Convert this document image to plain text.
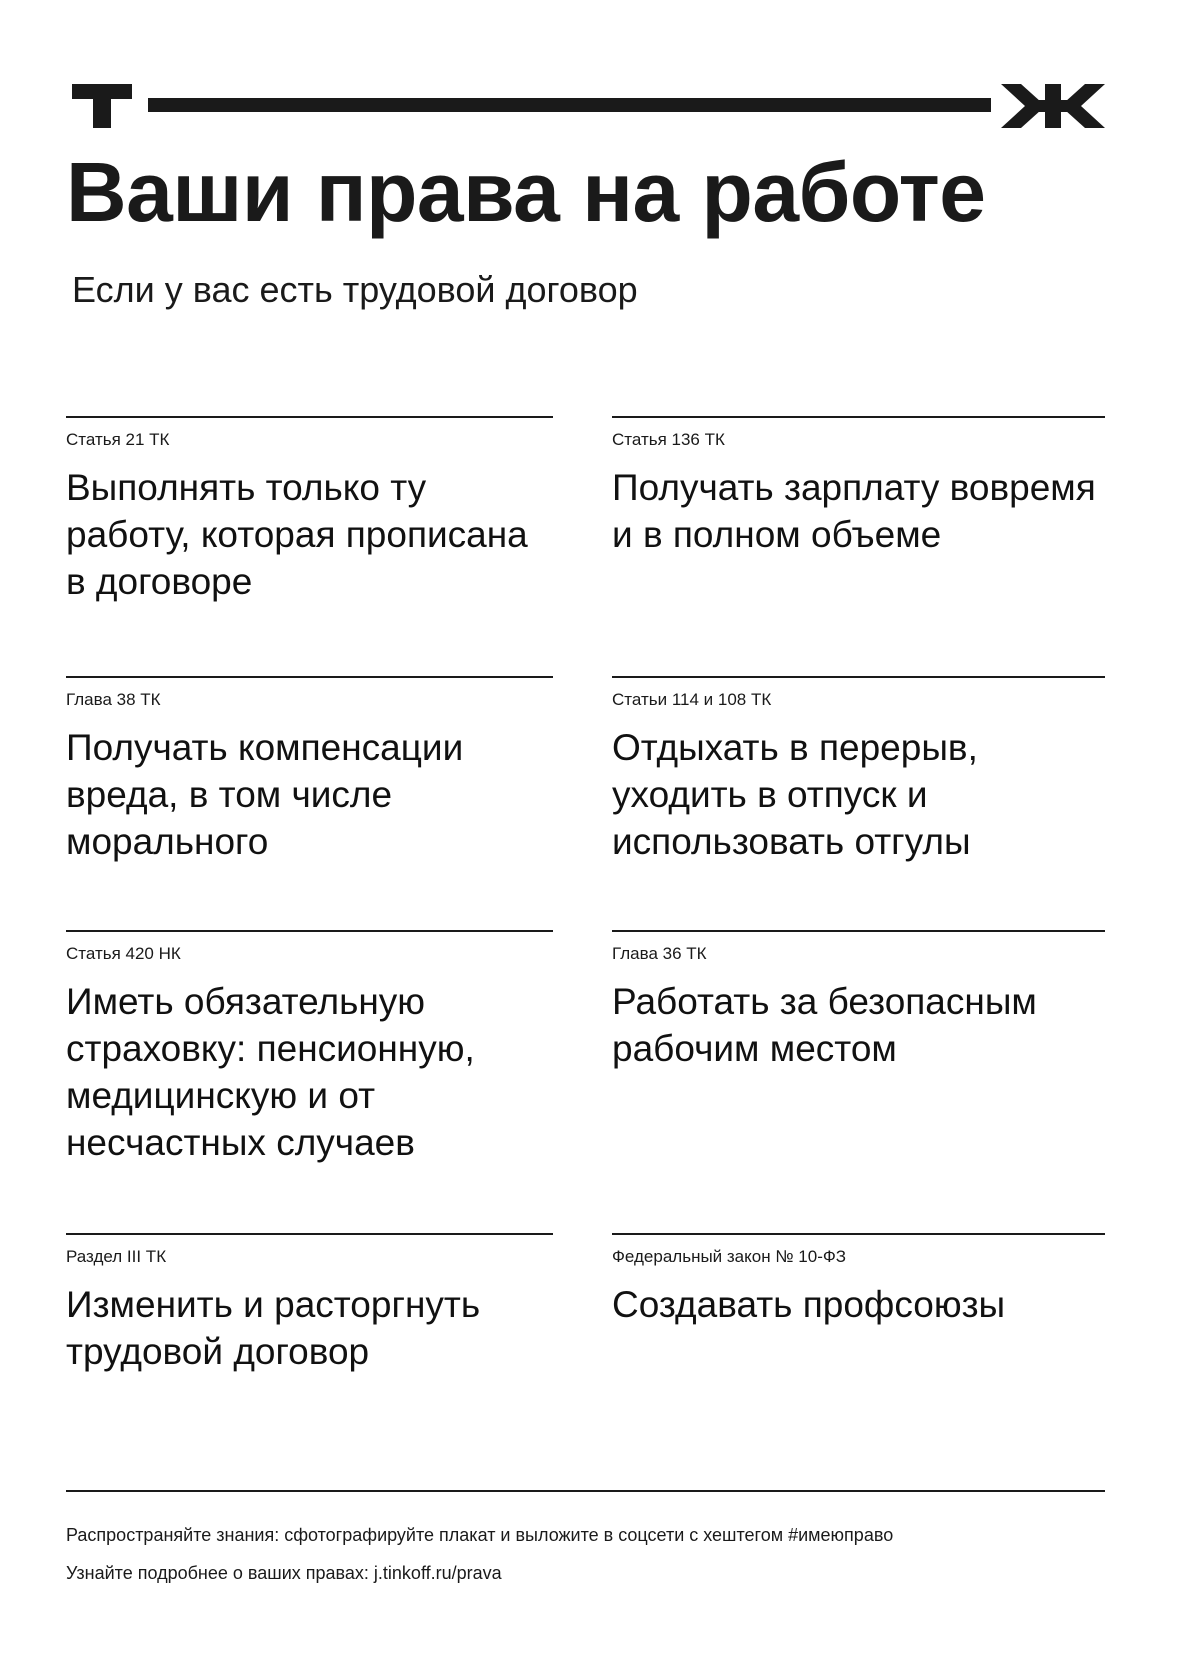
Ваши права на работе
Если у вас есть трудовой договор
Статья 21 ТК
Выполнять только ту работу, которая прописана в договоре
Статья 136 ТК
Получать зарплату вовремя и в полном объеме
Глава 38 ТК
Получать компенсации вреда, в том числе морального
Статьи 114 и 108 ТК
Отдыхать в перерыв, уходить в отпуск и использовать отгулы
Статья 420 НК
Иметь обязательную страховку: пенсионную, медицинскую и от несчастных случаев
Глава 36 ТК
Работать за безопасным рабочим местом
Раздел III ТК
Изменить и расторгнуть трудовой договор
Федеральный закон № 10-ФЗ
Создавать профсоюзы
Распространяйте знания: сфотографируйте плакат и выложите в соцсети с хештегом #имеюправо
Узнайте подробнее о ваших правах: j.tinkoff.ru/prava
